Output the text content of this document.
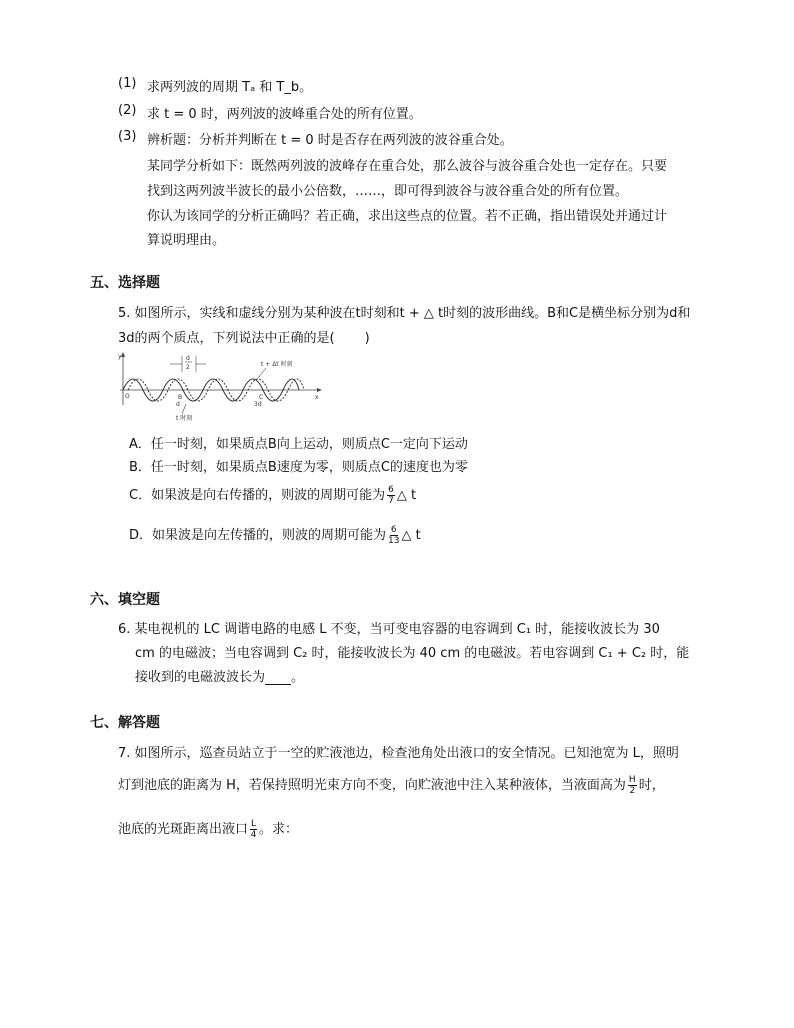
(1) 求两列波的周期 Tₐ 和 T_b。
(2) 求 t = 0 时，两列波的波峰重合处的所有位置。
(3) 辨析题：分析并判断在 t = 0 时是否存在两列波的波谷重合处。
某同学分析如下：既然两列波的波峰存在重合处，那么波谷与波谷重合处也一定存在。只要
找到这两列波半波长的最小公倍数，……，即可得到波谷与波谷重合处的所有位置。
你认为该同学的分析正确吗？若正确，求出这些点的位置。若不正确，指出错误处并通过计
算说明理由。
五、选择题
5. 如图所示，实线和虚线分别为某种波在t时刻和t + △ t时刻的波形曲线。B和C是横坐标分别为d和
3d的两个质点，下列说法中正确的是( )
y
x
O
d
2	t + Δt 时刻
t 时刻
B
d
C
3d
A．任一时刻，如果质点B向上运动，则质点C一定向下运动
B．任一时刻，如果质点B速度为零，则质点C的速度也为零
C．如果波是向右传播的，则波的周期可能为 $\frac{6}{7}$ △ t
D．如果波是向左传播的，则波的周期可能为 $\frac{6}{13}$ △ t
六、填空题
6. 某电视机的 LC 调谐电路的电感 L 不变，当可变电容器的电容调到 C₁ 时，能接收波长为 30
cm 的电磁波；当电容调到 C₂ 时，能接收波长为 40 cm 的电磁波。若电容调到 C₁ + C₂ 时，能
接收到的电磁波波长为 。
七、解答题
7. 如图所示，巡查员站立于一空的贮液池边，检查池角处出液口的安全情况。已知池宽为 L，照明
灯到池底的距离为 H，若保持照明光束方向不变，向贮液池中注入某种液体，当液面高为 $\frac{H}{2}$ 时，
池底的光斑距离出液口 $\frac{L}{4}$ 。求：
